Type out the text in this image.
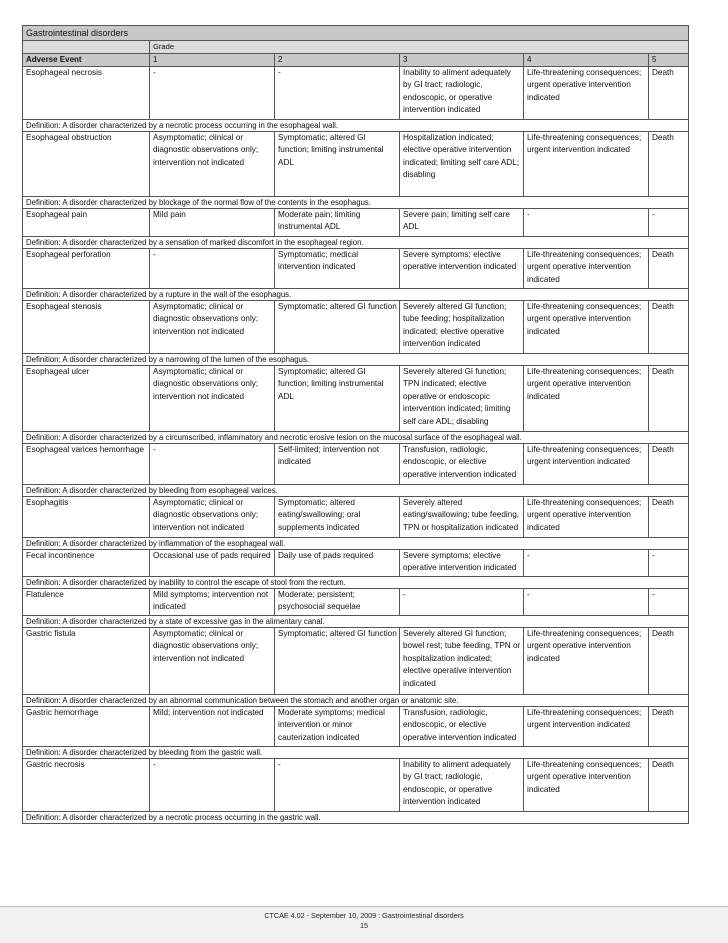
Gastrointestinal disorders					
	Grade				
Adverse Event	1	2	3	4	5
Esophageal necrosis	-	-	Inability to aliment adequately by GI tract; radiologic, endoscopic, or operative intervention indicated	Life-threatening consequences; urgent operative intervention indicated	Death
Definition: A disorder characterized by a necrotic process occurring in the esophageal wall.					
Esophageal obstruction	Asymptomatic; clinical or diagnostic observations only; intervention not indicated	Symptomatic; altered GI function; limiting instrumental ADL	Hospitalization indicated; elective operative intervention indicated; limiting self care ADL; disabling	Life-threatening consequences; urgent intervention indicated	Death
Definition: A disorder characterized by blockage of the normal flow of the contents in the esophagus.					
Esophageal pain	Mild pain	Moderate pain; limiting instrumental ADL	Severe pain; limiting self care ADL	-	-
Definition: A disorder characterized by a sensation of marked discomfort in the esophageal region.					
Esophageal perforation	-	Symptomatic; medical intervention indicated	Severe symptoms; elective operative intervention indicated	Life-threatening consequences; urgent operative intervention indicated	Death
Definition: A disorder characterized by a rupture in the wall of the esophagus.					
Esophageal stenosis	Asymptomatic; clinical or diagnostic observations only; intervention not indicated	Symptomatic; altered GI function	Severely altered GI function; tube feeding; hospitalization indicated; elective operative intervention indicated	Life-threatening consequences; urgent operative intervention indicated	Death
Definition: A disorder characterized by a narrowing of the lumen of the esophagus.					
Esophageal ulcer	Asymptomatic; clinical or diagnostic observations only; intervention not indicated	Symptomatic; altered GI function; limiting instrumental ADL	Severely altered GI function; TPN indicated; elective operative or endoscopic intervention indicated; limiting self care ADL; disabling	Life-threatening consequences; urgent operative intervention indicated	Death
Definition: A disorder characterized by a circumscribed, inflammatory and necrotic erosive lesion on the mucosal surface of the esophageal wall.					
Esophageal varices hemorrhage	-	Self-limited; intervention not indicated	Transfusion, radiologic, endoscopic, or elective operative intervention indicated	Life-threatening consequences; urgent intervention indicated	Death
Definition: A disorder characterized by bleeding from esophageal varices.					
Esophagitis	Asymptomatic; clinical or diagnostic observations only; intervention not indicated	Symptomatic; altered eating/swallowing; oral supplements indicated	Severely altered eating/swallowing; tube feeding, TPN or hospitalization indicated	Life-threatening consequences; urgent operative intervention indicated	Death
Definition: A disorder characterized by inflammation of the esophageal wall.					
Fecal incontinence	Occasional use of pads required	Daily use of pads required	Severe symptoms; elective operative intervention indicated	-	-
Definition: A disorder characterized by inability to control the escape of stool from the rectum.					
Flatulence	Mild symptoms; intervention not indicated	Moderate; persistent; psychosocial sequelae	-	-	-
Definition: A disorder characterized by a state of excessive gas in the alimentary canal.					
Gastric fistula	Asymptomatic; clinical or diagnostic observations only; intervention not indicated	Symptomatic; altered GI function	Severely altered GI function; bowel rest; tube feeding, TPN or hospitalization indicated; elective operative intervention indicated	Life-threatening consequences; urgent operative intervention indicated	Death
Definition: A disorder characterized by an abnormal communication between the stomach and another organ or anatomic site.					
Gastric hemorrhage	Mild; intervention not indicated	Moderate symptoms; medical intervention or minor cauterization indicated	Transfusion, radiologic, endoscopic, or elective operative intervention indicated	Life-threatening consequences; urgent intervention indicated	Death
Definition: A disorder characterized by bleeding from the gastric wall.					
Gastric necrosis	-	-	Inability to aliment adequately by GI tract; radiologic, endoscopic, or operative intervention indicated	Life-threatening consequences; urgent operative intervention indicated	Death
Definition: A disorder characterized by a necrotic process occurring in the gastric wall.					
CTCAE 4.02 - September 10, 2009 : Gastrointestinal disorders
15
